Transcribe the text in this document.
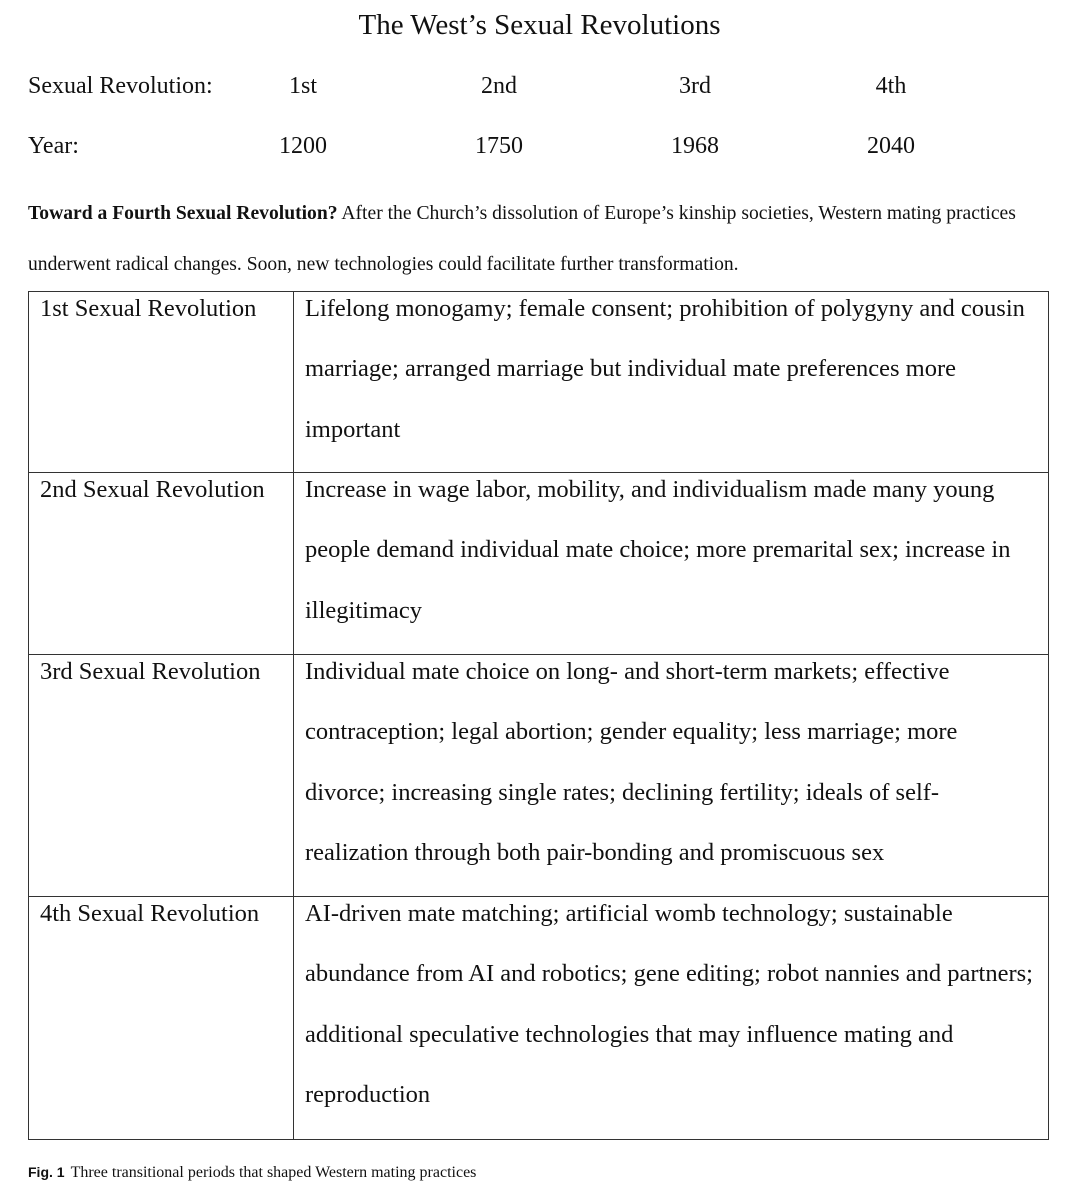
The West’s Sexual Revolutions
Sexual Revolution:	1st	2nd	3rd	4th
Year:	1200	1750	1968	2040

Toward a Fourth Sexual Revolution? After the Church’s dissolution of Europe’s kinship societies, Western mating practices underwent radical changes. Soon, new technologies could facilitate further transformation.

1st Sexual Revolution	Lifelong monogamy; female consent; prohibition of polygyny and cousin marriage; arranged marriage but individual mate preferences more important

2nd Sexual Revolution	Increase in wage labor, mobility, and individualism made many young people demand individual mate choice; more premarital sex; increase in illegitimacy

3rd Sexual Revolution	Individual mate choice on long- and short-term markets; effective contraception; legal abortion; gender equality; less marriage; more divorce; increasing single rates; declining fertility; ideals of self-realization through both pair-bonding and promiscuous sex

4th Sexual Revolution	AI-driven mate matching; artificial womb technology; sustainable abundance from AI and robotics; gene editing; robot nannies and partners; additional speculative technologies that may influence mating and reproduction
Fig. 1 Three transitional periods that shaped Western mating practices
